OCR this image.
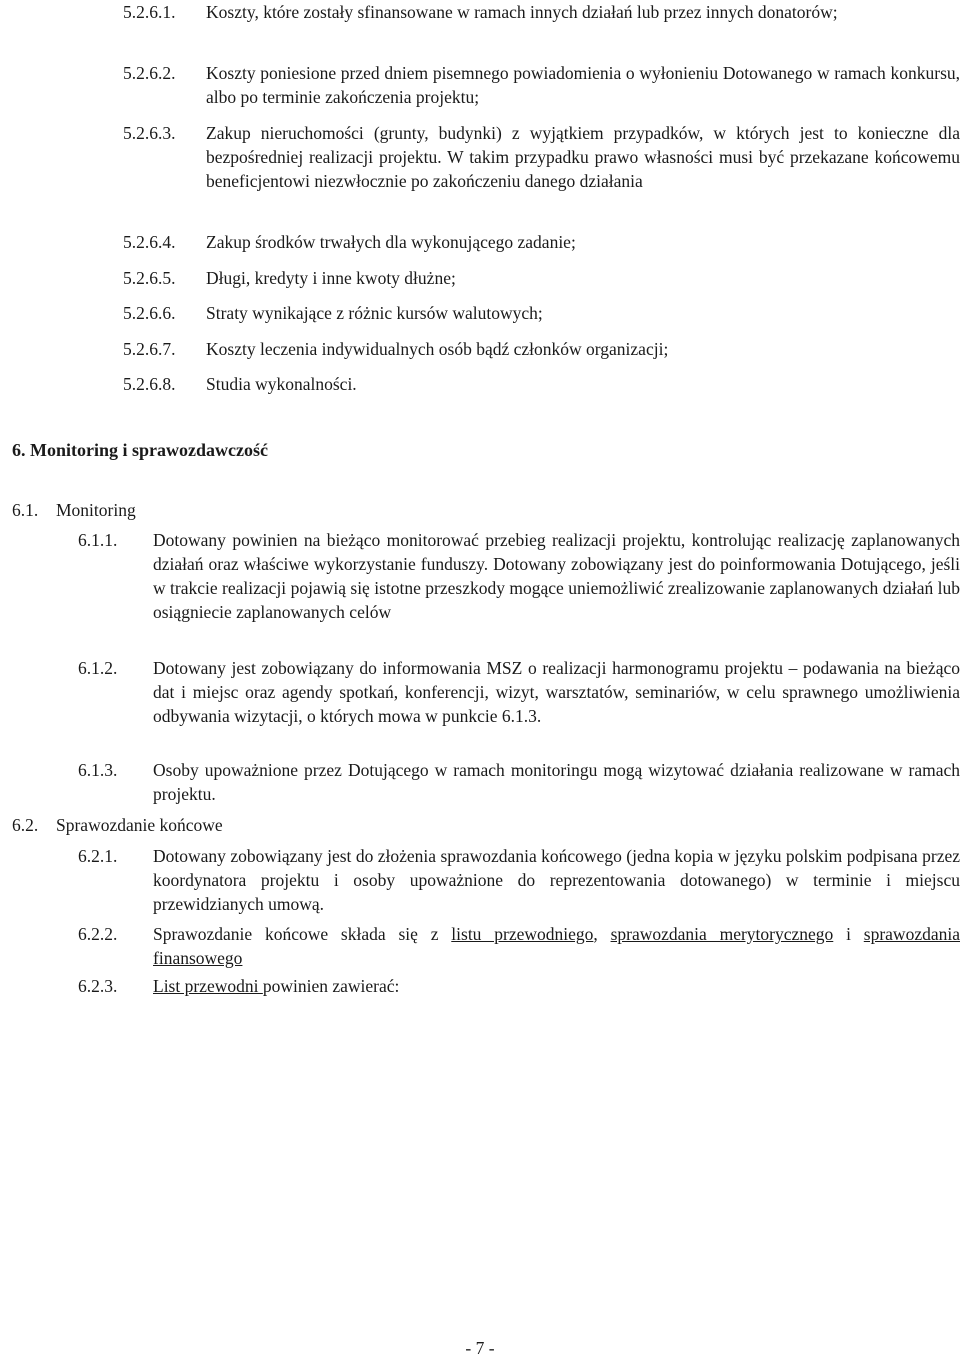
5.2.6.1. Koszty, które zostały sfinansowane w ramach innych działań lub przez innych donatorów;
5.2.6.2. Koszty poniesione przed dniem pisemnego powiadomienia o wyłonieniu Dotowanego w ramach konkursu, albo po terminie zakończenia projektu;
5.2.6.3. Zakup nieruchomości (grunty, budynki) z wyjątkiem przypadków, w których jest to konieczne dla bezpośredniej realizacji projektu. W takim przypadku prawo własności musi być przekazane końcowemu beneficjentowi niezwłocznie po zakończeniu danego działania
5.2.6.4. Zakup środków trwałych dla wykonującego zadanie;
5.2.6.5. Długi, kredyty i inne kwoty dłużne;
5.2.6.6. Straty wynikające z różnic kursów walutowych;
5.2.6.7. Koszty leczenia indywidualnych osób bądź członków organizacji;
5.2.6.8. Studia wykonalności.
6. Monitoring i sprawozdawczość
6.1. Monitoring
6.1.1. Dotowany powinien na bieżąco monitorować przebieg realizacji projektu, kontrolując realizację zaplanowanych działań oraz właściwe wykorzystanie funduszy. Dotowany zobowiązany jest do poinformowania Dotującego, jeśli w trakcie realizacji pojawią się istotne przeszkody mogące uniemożliwić zrealizowanie zaplanowanych działań lub osiągniecie zaplanowanych celów
6.1.2. Dotowany jest zobowiązany do informowania MSZ o realizacji harmonogramu projektu – podawania na bieżąco dat i miejsc oraz agendy spotkań, konferencji, wizyt, warsztatów, seminariów, w celu sprawnego umożliwienia odbywania wizytacji, o których mowa w punkcie 6.1.3.
6.1.3. Osoby upoważnione przez Dotującego w ramach monitoringu mogą wizytować działania realizowane w ramach projektu.
6.2. Sprawozdanie końcowe
6.2.1. Dotowany zobowiązany jest do złożenia sprawozdania końcowego (jedna kopia w języku polskim podpisana przez koordynatora projektu i osoby upoważnione do reprezentowania dotowanego) w terminie i miejscu przewidzianych umową.
6.2.2. Sprawozdanie końcowe składa się z listu przewodniego, sprawozdania merytorycznego i sprawozdania finansowego
6.2.3. List przewodni powinien zawierać:
- 7 -
